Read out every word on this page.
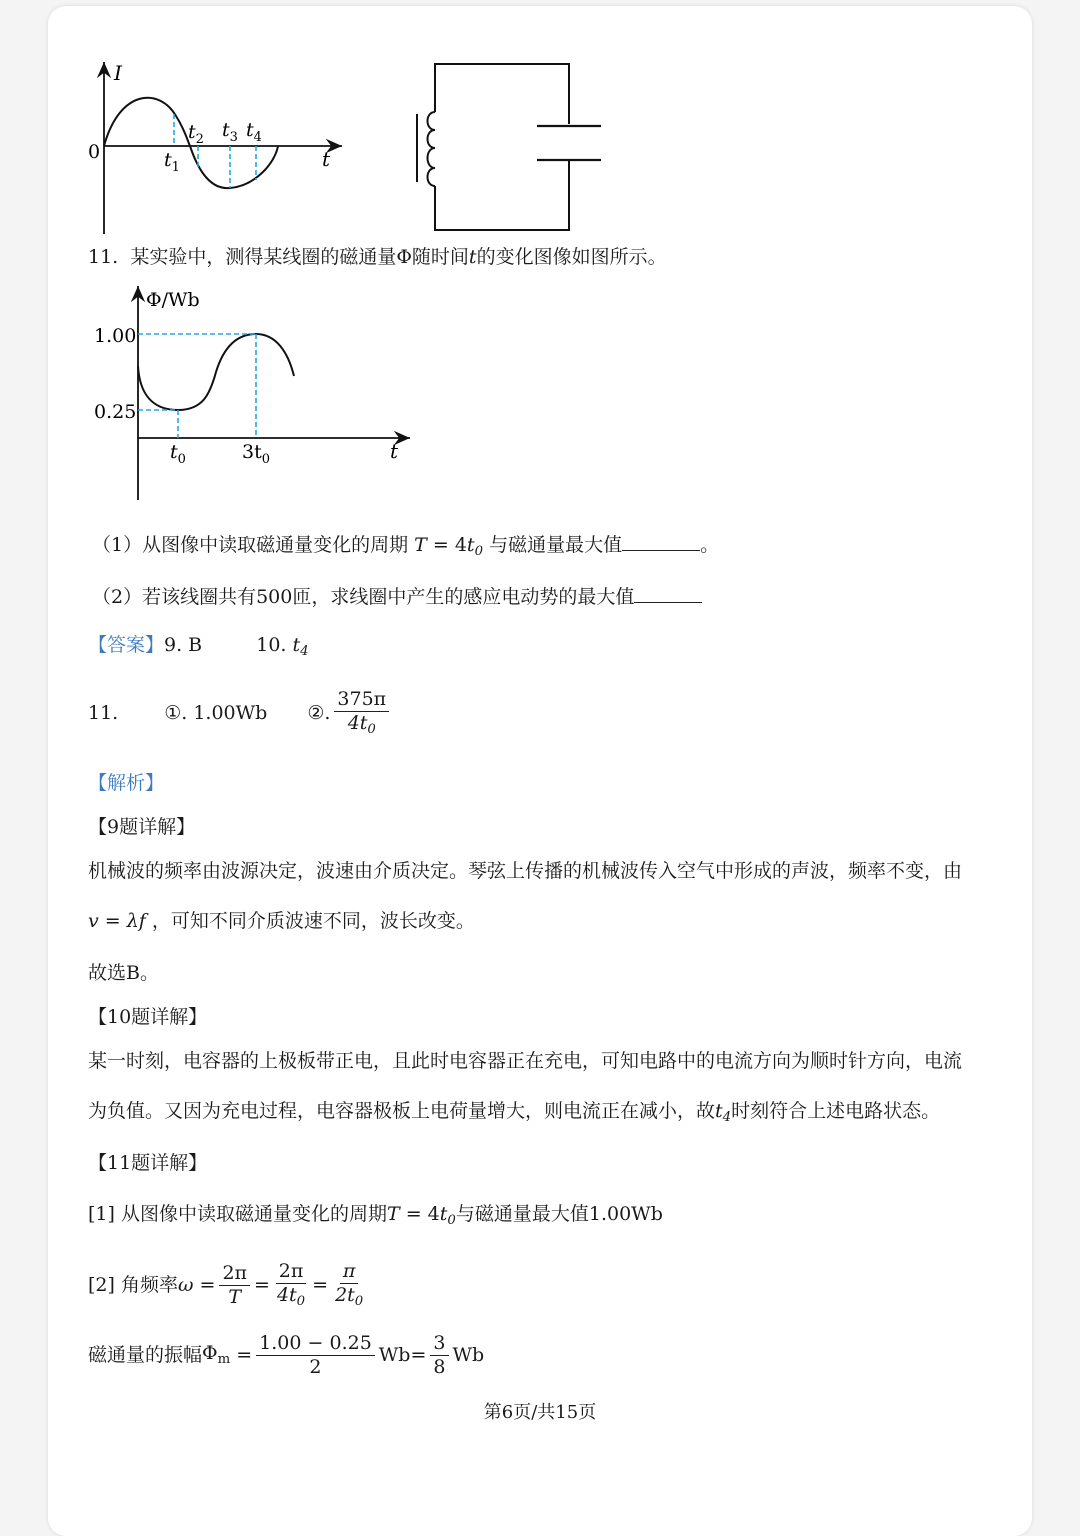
I
0	t
$t_1$
$t_2$ $t_3$ $t_4$
11. 某实验中，测得某线圈的磁通量Φ随时间t的变化图像如图所示。
Φ/Wb
1.00
0.25
t
$t_0$	$3t_0$
（1）从图像中读取磁通量变化的周期 $T = 4t_0$ 与磁通量最大值	。
（2）若该线圈共有500匝，求线圈中产生的感应电动势的最大值
【答案】9. B	10. $t_4$
11. ①. 1.00Wb ②. $\frac{375\pi}{4t_0}$
【解析】
【9题详解】
机械波的频率由波源决定，波速由介质决定。琴弦上传播的机械波传入空气中形成的声波，频率不变，由
v = λf ，可知不同介质波速不同，波长改变。
故选B。
【10题详解】
某一时刻，电容器的上极板带正电，且此时电容器正在充电，可知电路中的电流方向为顺时针方向，电流
为负值。又因为充电过程，电容器极板上电荷量增大，则电流正在减小，故$t_4$时刻符合上述电路状态。
【11题详解】
[1] 从图像中读取磁通量变化的周期$T = 4t_0$与磁通量最大值1.00Wb
[2] 角频率 $\omega = \frac{2\pi}{T} = \frac{2\pi}{4t_0} = \frac{\pi}{2t_0}$
磁通量的振幅 $\Phi_m = \frac{1.00 - 0.25}{2} Wb= \frac{3}{8}$ Wb
第6页/共15页
